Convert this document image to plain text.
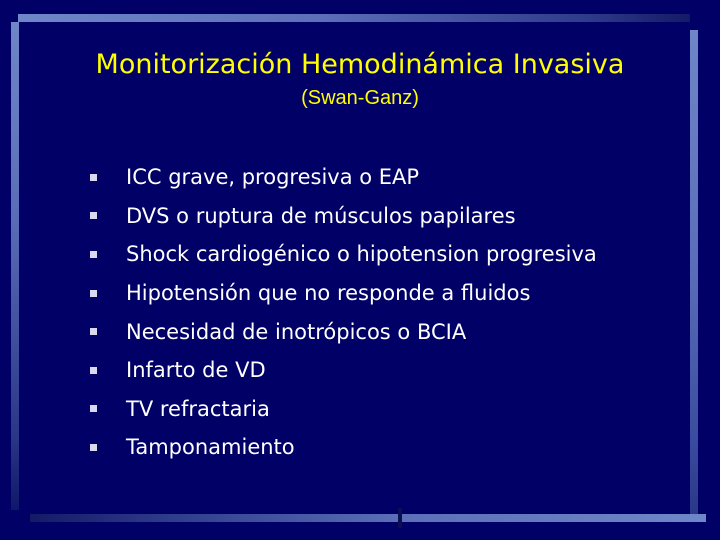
Monitorización Hemodinámica Invasiva
(Swan-Ganz)
ICC grave, progresiva o EAP
DVS o ruptura de músculos papilares
Shock cardiogénico o hipotension progresiva
Hipotensión que no responde a fluidos
Necesidad de inotrópicos o BCIA
Infarto de VD
TV refractaria
Tamponamiento
